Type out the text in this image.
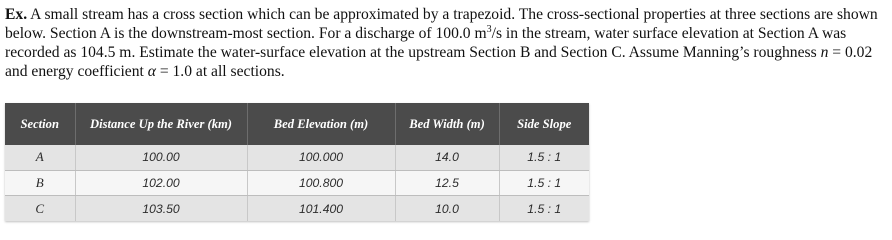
Ex. A small stream has a cross section which can be approximated by a trapezoid. The cross-sectional properties at three sections are shown below. Section A is the downstream-most section. For a discharge of 100.0 $m^3/s$ in the stream, water surface elevation at Section A was recorded as 104.5 m. Estimate the water-surface elevation at the upstream Section B and Section C. Assume Manning’s roughness n = 0.02 and energy coefficient α = 1.0 at all sections.

Section	Distance Up the River (km)	Bed Elevation (m)	Bed Width (m)	Side Slope
A	100.00	100.000	14.0	1.5 : 1
B	102.00	100.800	12.5	1.5 : 1
C	103.50	101.400	10.0	1.5 : 1
